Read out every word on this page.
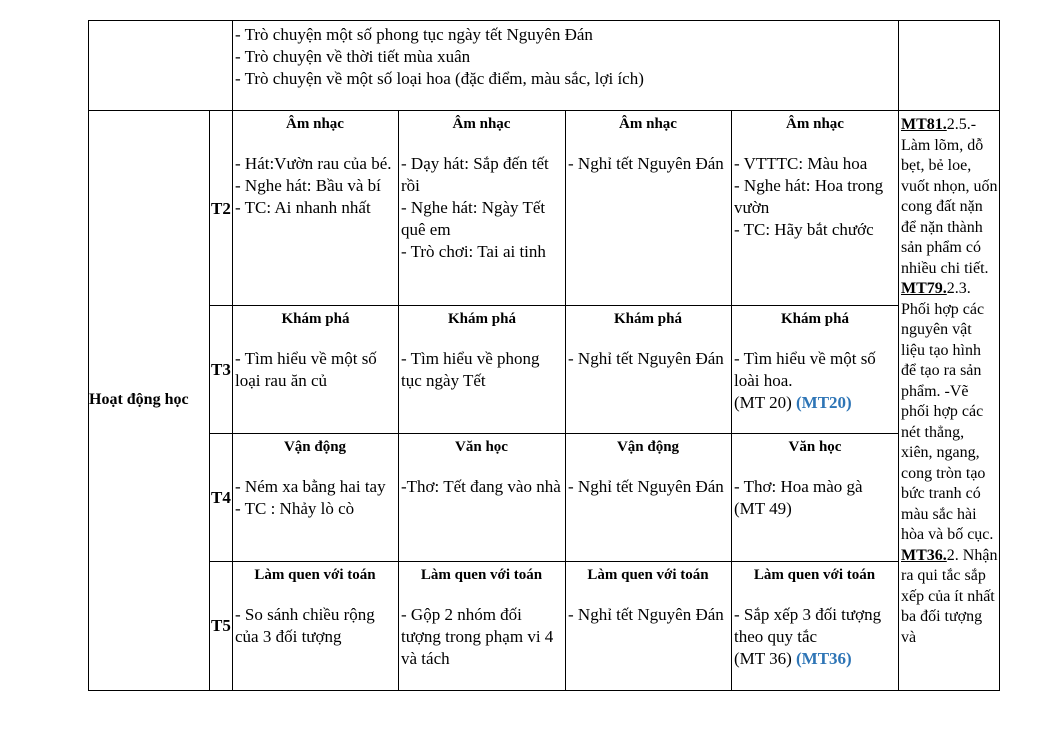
- Trò chuyện một số phong tục ngày tết Nguyên Đán
- Trò chuyện về thời tiết mùa xuân
- Trò chuyện về một số loại hoa (đặc điểm, màu sắc, lợi ích)
Hoạt động học
T2
Âm nhạc
- Hát:Vườn rau của bé.
- Nghe hát: Bầu và bí
- TC: Ai nhanh nhất
Âm nhạc
- Dạy hát: Sắp đến tết rồi
- Nghe hát: Ngày Tết quê em
- Trò chơi: Tai ai tinh
Âm nhạc
- Nghỉ tết Nguyên Đán
Âm nhạc
- VTTTC: Màu hoa
- Nghe hát: Hoa trong vườn
- TC: Hãy bắt chước
T3
Khám phá
- Tìm hiểu về một số loại rau ăn củ
Khám phá
- Tìm hiểu về phong tục ngày Tết
Khám phá
- Nghỉ tết Nguyên Đán
Khám phá
- Tìm hiểu về một số loài hoa.
(MT 20) (MT20)
T4
Vận động
- Ném xa bằng hai tay
- TC : Nhảy lò cò
Văn học
-Thơ: Tết đang vào nhà
Vận động
- Nghỉ tết Nguyên Đán
Văn học
- Thơ: Hoa mào gà
(MT 49)
T5
Làm quen với toán
- So sánh chiều rộng của 3 đối tượng
Làm quen với toán
- Gộp 2 nhóm đối tượng trong phạm vi 4 và tách
Làm quen với toán
- Nghỉ tết Nguyên Đán
Làm quen với toán
- Sắp xếp 3 đối tượng theo quy tắc
(MT 36) (MT36)
MT81.2.5.- Làm lõm, dỗ bẹt, bẻ loe, vuốt nhọn, uốn cong đất nặn để nặn thành sản phẩm có nhiều chi tiết.
MT79.2.3. Phối hợp các nguyên vật liệu tạo hình để tạo ra sản phẩm. -Vẽ phối hợp các nét thẳng, xiên, ngang, cong tròn tạo bức tranh có màu sắc hài hòa và bố cục.
MT36.2. Nhận ra qui tắc sắp xếp của ít nhất ba đối tượng và
